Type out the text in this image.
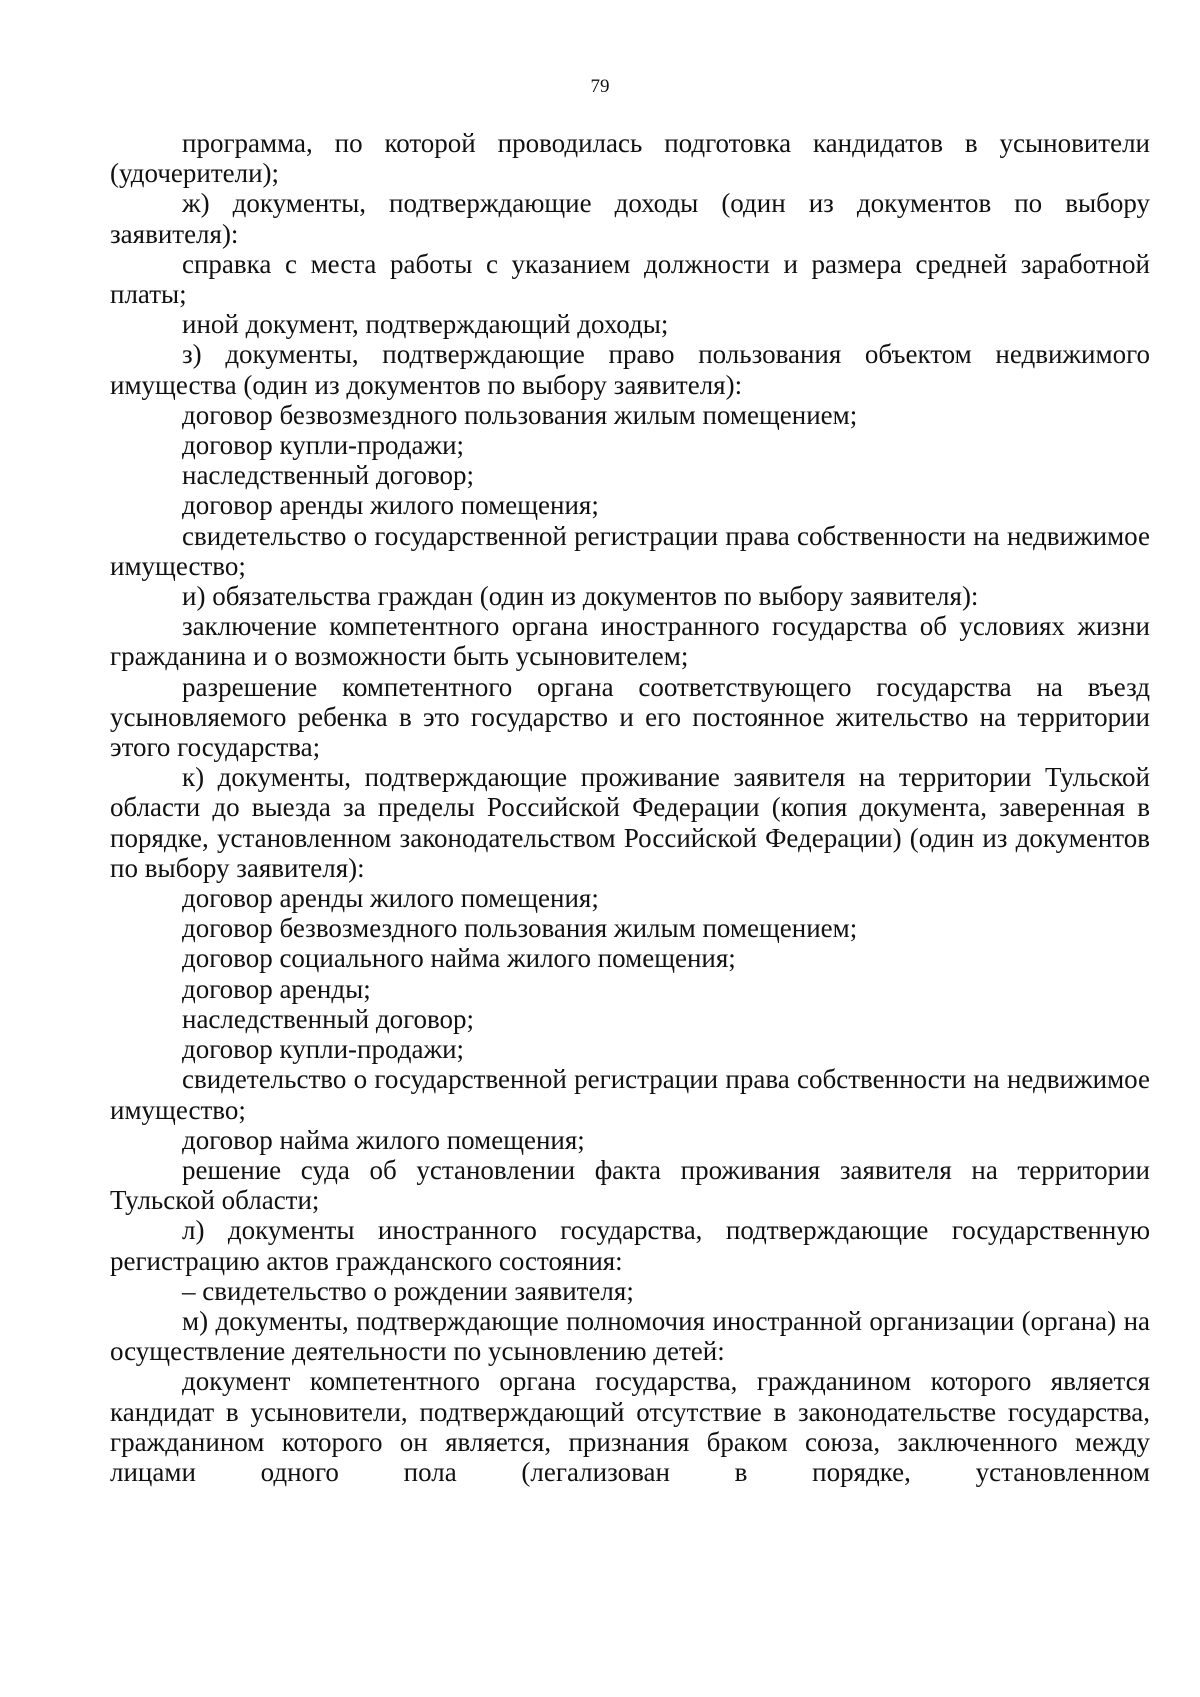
79

программа, по которой проводилась подготовка кандидатов в усыновители (удочерители);

ж) документы, подтверждающие доходы (один из документов по выбору заявителя):

справка с места работы с указанием должности и размера средней заработной платы;

иной документ, подтверждающий доходы;

з) документы, подтверждающие право пользования объектом недвижимого имущества (один из документов по выбору заявителя):

договор безвозмездного пользования жилым помещением;

договор купли-продажи;

наследственный договор;

договор аренды жилого помещения;

свидетельство о государственной регистрации права собственности на недвижимое имущество;

и) обязательства граждан (один из документов по выбору заявителя):

заключение компетентного органа иностранного государства об условиях жизни гражданина и о возможности быть усыновителем;

разрешение компетентного органа соответствующего государства на въезд усыновляемого ребенка в это государство и его постоянное жительство на территории этого государства;

к) документы, подтверждающие проживание заявителя на территории Тульской области до выезда за пределы Российской Федерации (копия документа, заверенная в порядке, установленном законодательством Российской Федерации) (один из документов по выбору заявителя):

договор аренды жилого помещения;

договор безвозмездного пользования жилым помещением;

договор социального найма жилого помещения;

договор аренды;

наследственный договор;

договор купли-продажи;

свидетельство о государственной регистрации права собственности на недвижимое имущество;

договор найма жилого помещения;

решение суда об установлении факта проживания заявителя на территории Тульской области;

л) документы иностранного государства, подтверждающие государственную регистрацию актов гражданского состояния:

– свидетельство о рождении заявителя;

м) документы, подтверждающие полномочия иностранной организации (органа) на осуществление деятельности по усыновлению детей:

документ компетентного органа государства, гражданином которого является кандидат в усыновители, подтверждающий отсутствие в законодательстве государства, гражданином которого он является, признания браком союза, заключенного между лицами одного пола (легализован в порядке, установленном
